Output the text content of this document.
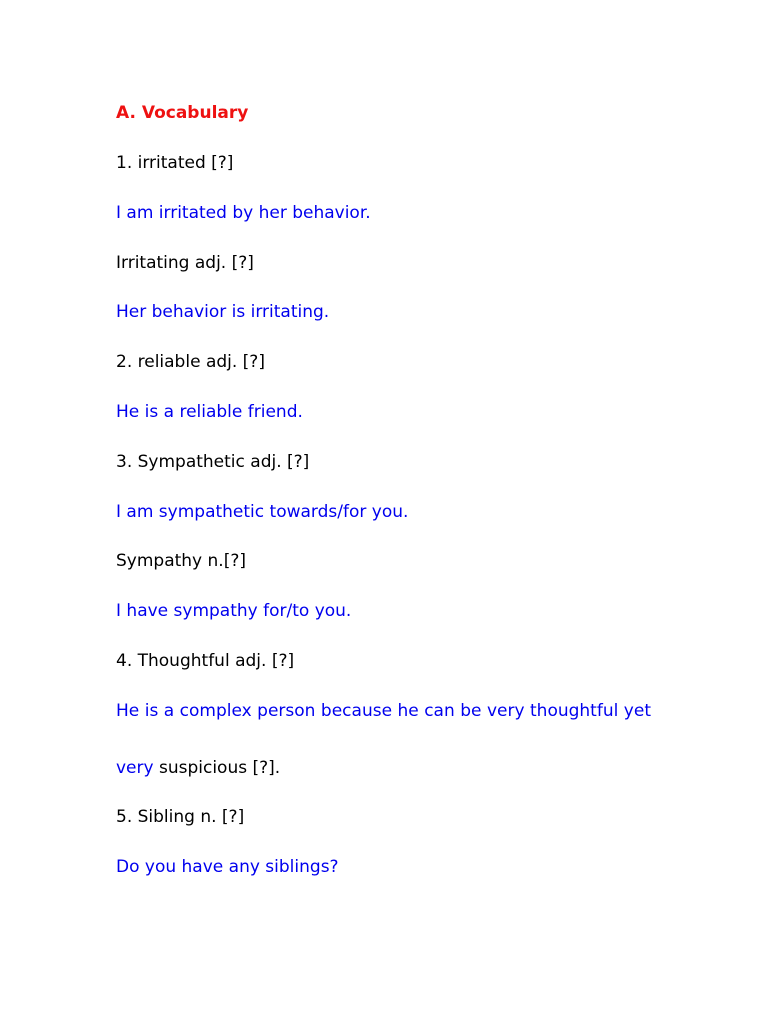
A. Vocabulary
1. irritated [?]
I am irritated by her behavior.
Irritating adj. [?]
Her behavior is irritating.
2. reliable adj. [?]
He is a reliable friend.
3. Sympathetic adj. [?]
I am sympathetic towards/for you.
Sympathy n.[?]
I have sympathy for/to you.
4. Thoughtful adj. [?]
He is a complex person because he can be very thoughtful yet
very suspicious [?].
5. Sibling n. [?]
Do you have any siblings?
